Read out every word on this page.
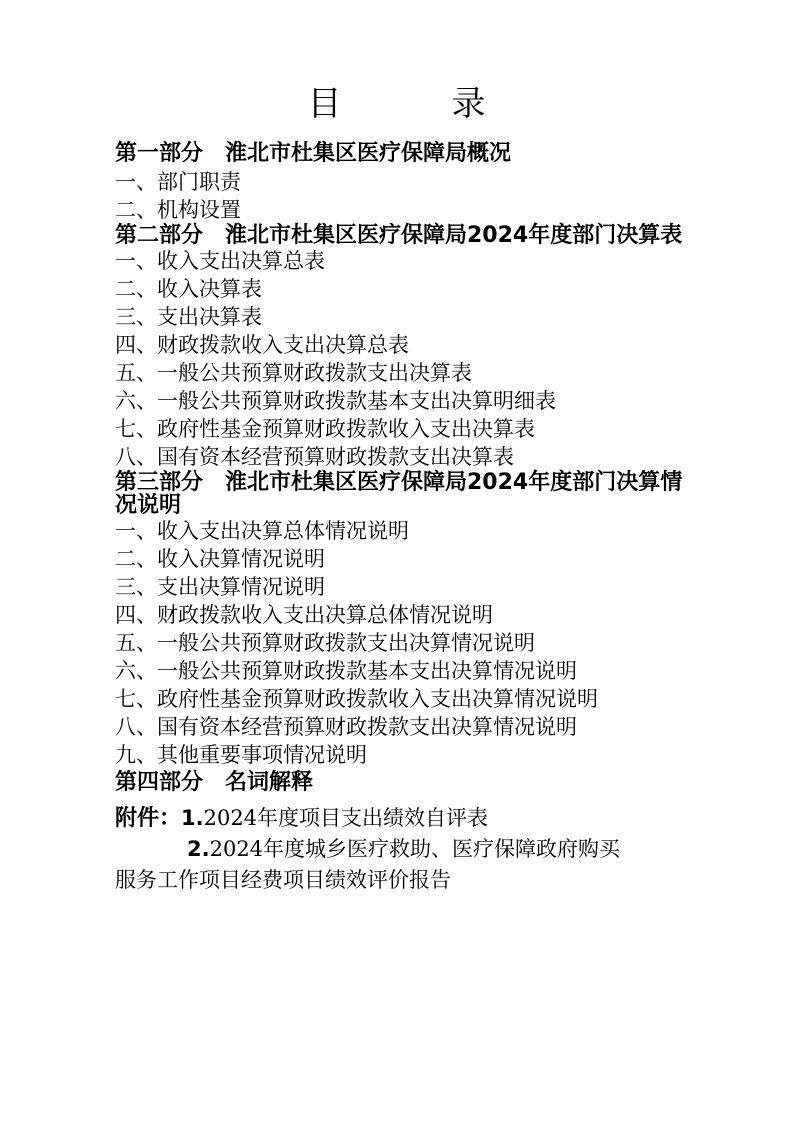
目　录

第一部分　淮北市杜集区医疗保障局概况

一、部门职责

二、机构设置

第二部分　淮北市杜集区医疗保障局2024年度部门决算表

一、收入支出决算总表

二、收入决算表

三、支出决算表

四、财政拨款收入支出决算总表

五、一般公共预算财政拨款支出决算表

六、一般公共预算财政拨款基本支出决算明细表

七、政府性基金预算财政拨款收入支出决算表

八、国有资本经营预算财政拨款支出决算表

第三部分　淮北市杜集区医疗保障局2024年度部门决算情况说明

一、收入支出决算总体情况说明

二、收入决算情况说明

三、支出决算情况说明

四、财政拨款收入支出决算总体情况说明

五、一般公共预算财政拨款支出决算情况说明

六、一般公共预算财政拨款基本支出决算情况说明

七、政府性基金预算财政拨款收入支出决算情况说明

八、国有资本经营预算财政拨款支出决算情况说明

九、其他重要事项情况说明

第四部分　名词解释

附件：1.2024年度项目支出绩效自评表

2.2024年度城乡医疗救助、医疗保障政府购买

服务工作项目经费项目绩效评价报告
